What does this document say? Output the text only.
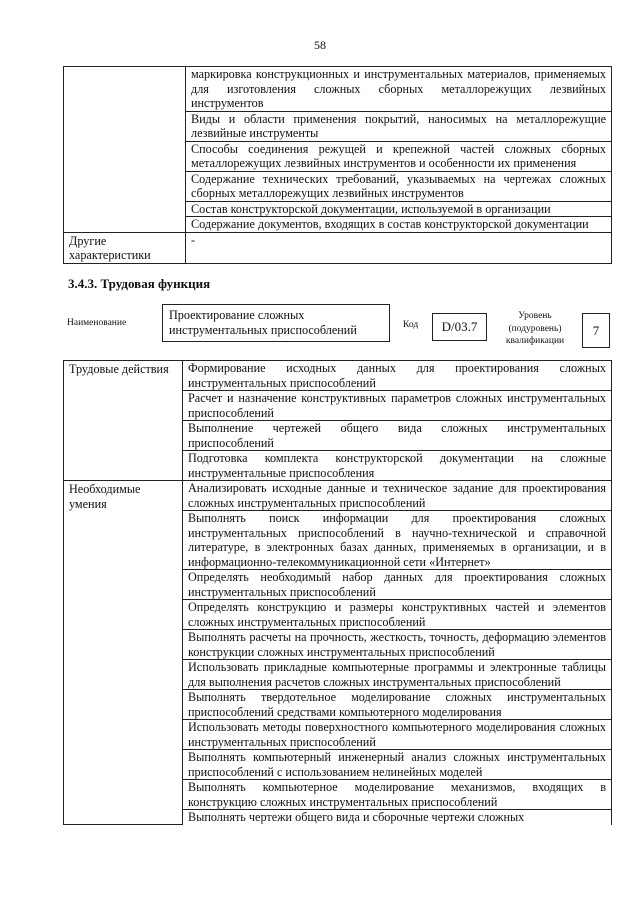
58
	маркировка конструкционных и инструментальных материалов, применяемых для изготовления сложных сборных металлорежущих лезвийных инструментов
	Виды и области применения покрытий, наносимых на металлорежущие лезвийные инструменты
	Способы соединения режущей и крепежной частей сложных сборных металлорежущих лезвийных инструментов и особенности их применения
	Содержание технических требований, указываемых на чертежах сложных сборных металлорежущих лезвийных инструментов
	Состав конструкторской документации, используемой в организации
	Содержание документов, входящих в состав конструкторской документации
Другие характеристики	-
3.4.3. Трудовая функция
Наименование
Проектирование сложных инструментальных приспособлений	Код	D/03.7
Уровень (подуровень) квалификации
7
Трудовые действия	Формирование исходных данных для проектирования сложных инструментальных приспособлений
	Расчет и назначение конструктивных параметров сложных инструментальных приспособлений
	Выполнение чертежей общего вида сложных инструментальных приспособлений
	Подготовка комплекта конструкторской документации на сложные инструментальные приспособления
Необходимые умения	Анализировать исходные данные и техническое задание для проектирования сложных инструментальных приспособлений
	Выполнять поиск информации для проектирования сложных инструментальных приспособлений в научно-технической и справочной литературе, в электронных базах данных, применяемых в организации, и в информационно-телекоммуникационной сети «Интернет»
	Определять необходимый набор данных для проектирования сложных инструментальных приспособлений
	Определять конструкцию и размеры конструктивных частей и элементов сложных инструментальных приспособлений
	Выполнять расчеты на прочность, жесткость, точность, деформацию элементов конструкции сложных инструментальных приспособлений
	Использовать прикладные компьютерные программы и электронные таблицы для выполнения расчетов сложных инструментальных приспособлений
	Выполнять твердотельное моделирование сложных инструментальных приспособлений средствами компьютерного моделирования
	Использовать методы поверхностного компьютерного моделирования сложных инструментальных приспособлений
	Выполнять компьютерный инженерный анализ сложных инструментальных приспособлений с использованием нелинейных моделей
	Выполнять компьютерное моделирование механизмов, входящих в конструкцию сложных инструментальных приспособлений
	Выполнять чертежи общего вида и сборочные чертежи сложных
